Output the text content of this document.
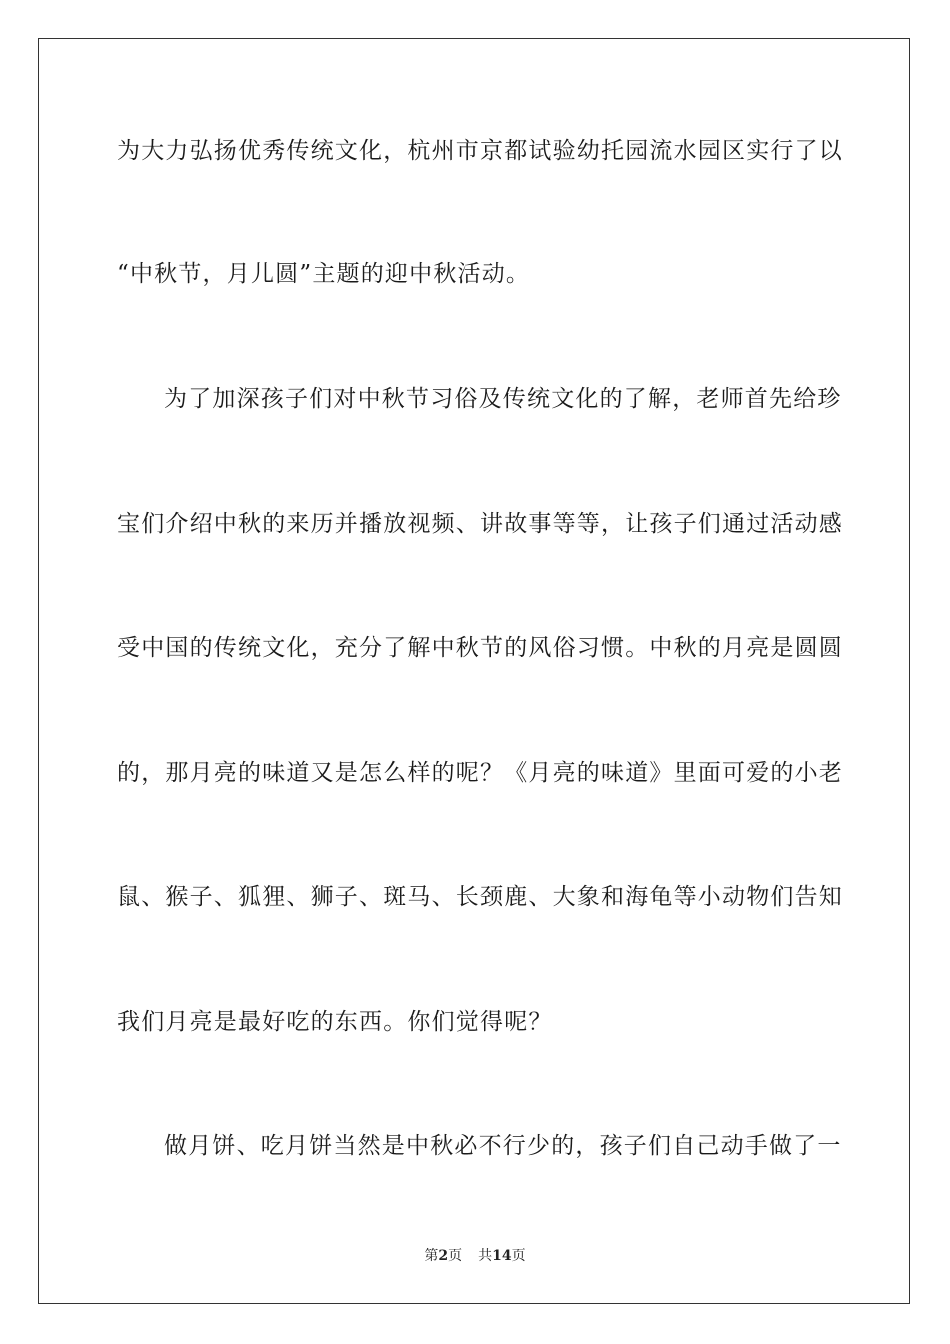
为大力弘扬优秀传统文化，杭州市京都试验幼托园流水园区实行了以

“中秋节，月儿圆”主题的迎中秋活动。

为了加深孩子们对中秋节习俗及传统文化的了解，老师首先给珍

宝们介绍中秋的来历并播放视频、讲故事等等，让孩子们通过活动感

受中国的传统文化，充分了解中秋节的风俗习惯。中秋的月亮是圆圆

的，那月亮的味道又是怎么样的呢？《月亮的味道》里面可爱的小老

鼠、猴子、狐狸、狮子、斑马、长颈鹿、大象和海龟等小动物们告知

我们月亮是最好吃的东西。你们觉得呢？

做月饼、吃月饼当然是中秋必不行少的，孩子们自己动手做了一

第2页 共14页
